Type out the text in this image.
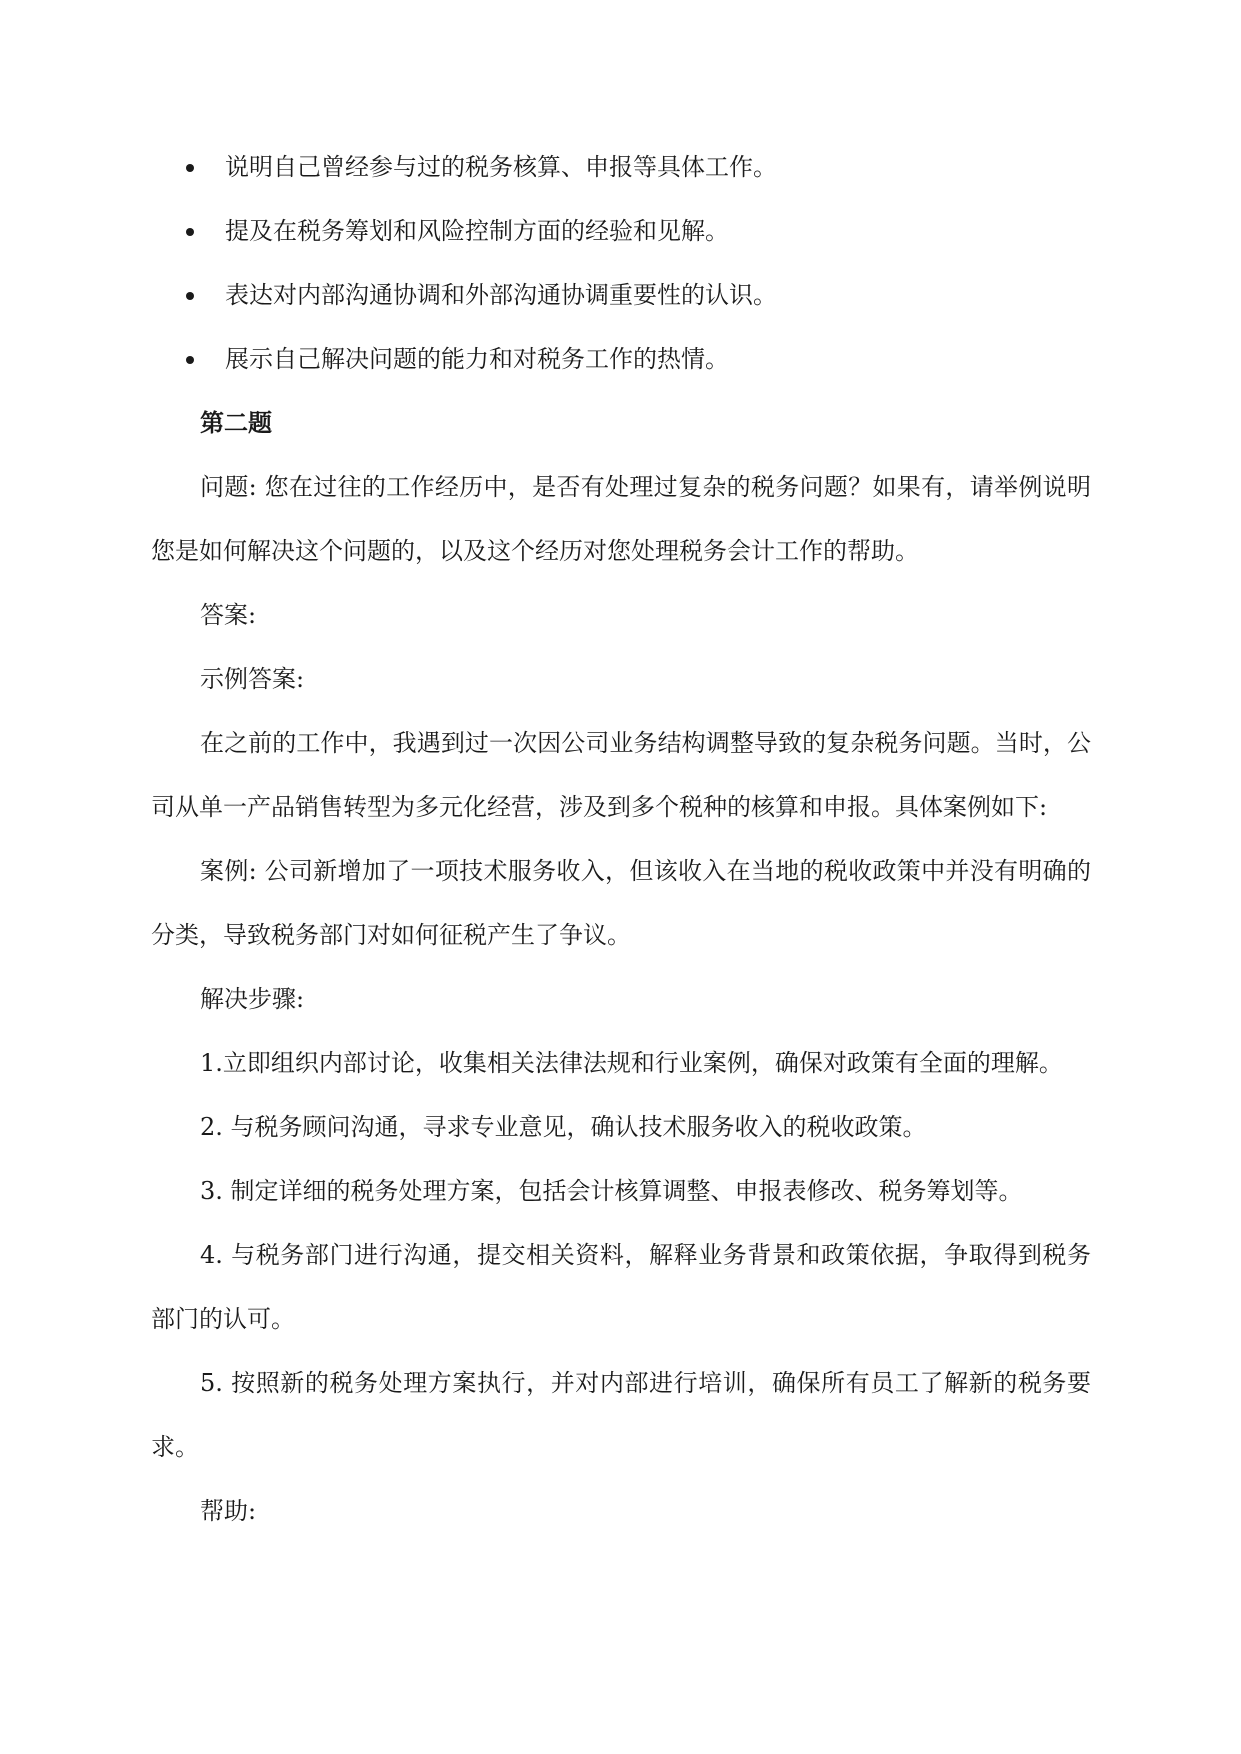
说明自己曾经参与过的税务核算、申报等具体工作。
提及在税务筹划和风险控制方面的经验和见解。
表达对内部沟通协调和外部沟通协调重要性的认识。
展示自己解决问题的能力和对税务工作的热情。
第二题

问题: 您在过往的工作经历中，是否有处理过复杂的税务问题？如果有，请举例说明您是如何解决这个问题的，以及这个经历对您处理税务会计工作的帮助。

答案:

示例答案:

在之前的工作中，我遇到过一次因公司业务结构调整导致的复杂税务问题。当时，公司从单一产品销售转型为多元化经营，涉及到多个税种的核算和申报。具体案例如下:

案例: 公司新增加了一项技术服务收入，但该收入在当地的税收政策中并没有明确的分类，导致税务部门对如何征税产生了争议。

解决步骤:

1.立即组织内部讨论，收集相关法律法规和行业案例，确保对政策有全面的理解。

2. 与税务顾问沟通，寻求专业意见，确认技术服务收入的税收政策。

3. 制定详细的税务处理方案，包括会计核算调整、申报表修改、税务筹划等。

4. 与税务部门进行沟通，提交相关资料，解释业务背景和政策依据，争取得到税务部门的认可。

5. 按照新的税务处理方案执行，并对内部进行培训，确保所有员工了解新的税务要求。

帮助:
